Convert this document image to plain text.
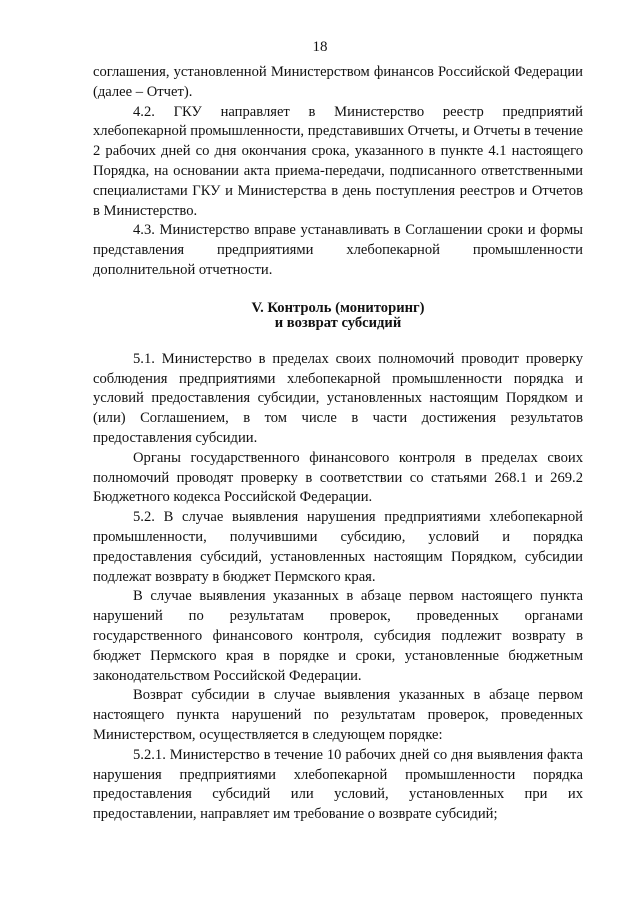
18

соглашения, установленной Министерством финансов Российской Федерации (далее – Отчет).

4.2. ГКУ направляет в Министерство реестр предприятий хлебопекарной промышленности, представивших Отчеты, и Отчеты в течение 2 рабочих дней со дня окончания срока, указанного в пункте 4.1 настоящего Порядка, на основании акта приема-передачи, подписанного ответственными специалистами ГКУ и Министерства в день поступления реестров и Отчетов в Министерство.

4.3. Министерство вправе устанавливать в Соглашении сроки и формы представления предприятиями хлебопекарной промышленности дополнительной отчетности.

V. Контроль (мониторинг)
и возврат субсидий

5.1. Министерство в пределах своих полномочий проводит проверку соблюдения предприятиями хлебопекарной промышленности порядка и условий предоставления субсидии, установленных настоящим Порядком и (или) Соглашением, в том числе в части достижения результатов предоставления субсидии.

Органы государственного финансового контроля в пределах своих полномочий проводят проверку в соответствии со статьями 268.1 и 269.2 Бюджетного кодекса Российской Федерации.

5.2. В случае выявления нарушения предприятиями хлебопекарной промышленности, получившими субсидию, условий и порядка предоставления субсидий, установленных настоящим Порядком, субсидии подлежат возврату в бюджет Пермского края.

В случае выявления указанных в абзаце первом настоящего пункта нарушений по результатам проверок, проведенных органами государственного финансового контроля, субсидия подлежит возврату в бюджет Пермского края в порядке и сроки, установленные бюджетным законодательством Российской Федерации.

Возврат субсидии в случае выявления указанных в абзаце первом настоящего пункта нарушений по результатам проверок, проведенных Министерством, осуществляется в следующем порядке:

5.2.1. Министерство в течение 10 рабочих дней со дня выявления факта нарушения предприятиями хлебопекарной промышленности порядка предоставления субсидий или условий, установленных при их предоставлении, направляет им требование о возврате субсидий;
